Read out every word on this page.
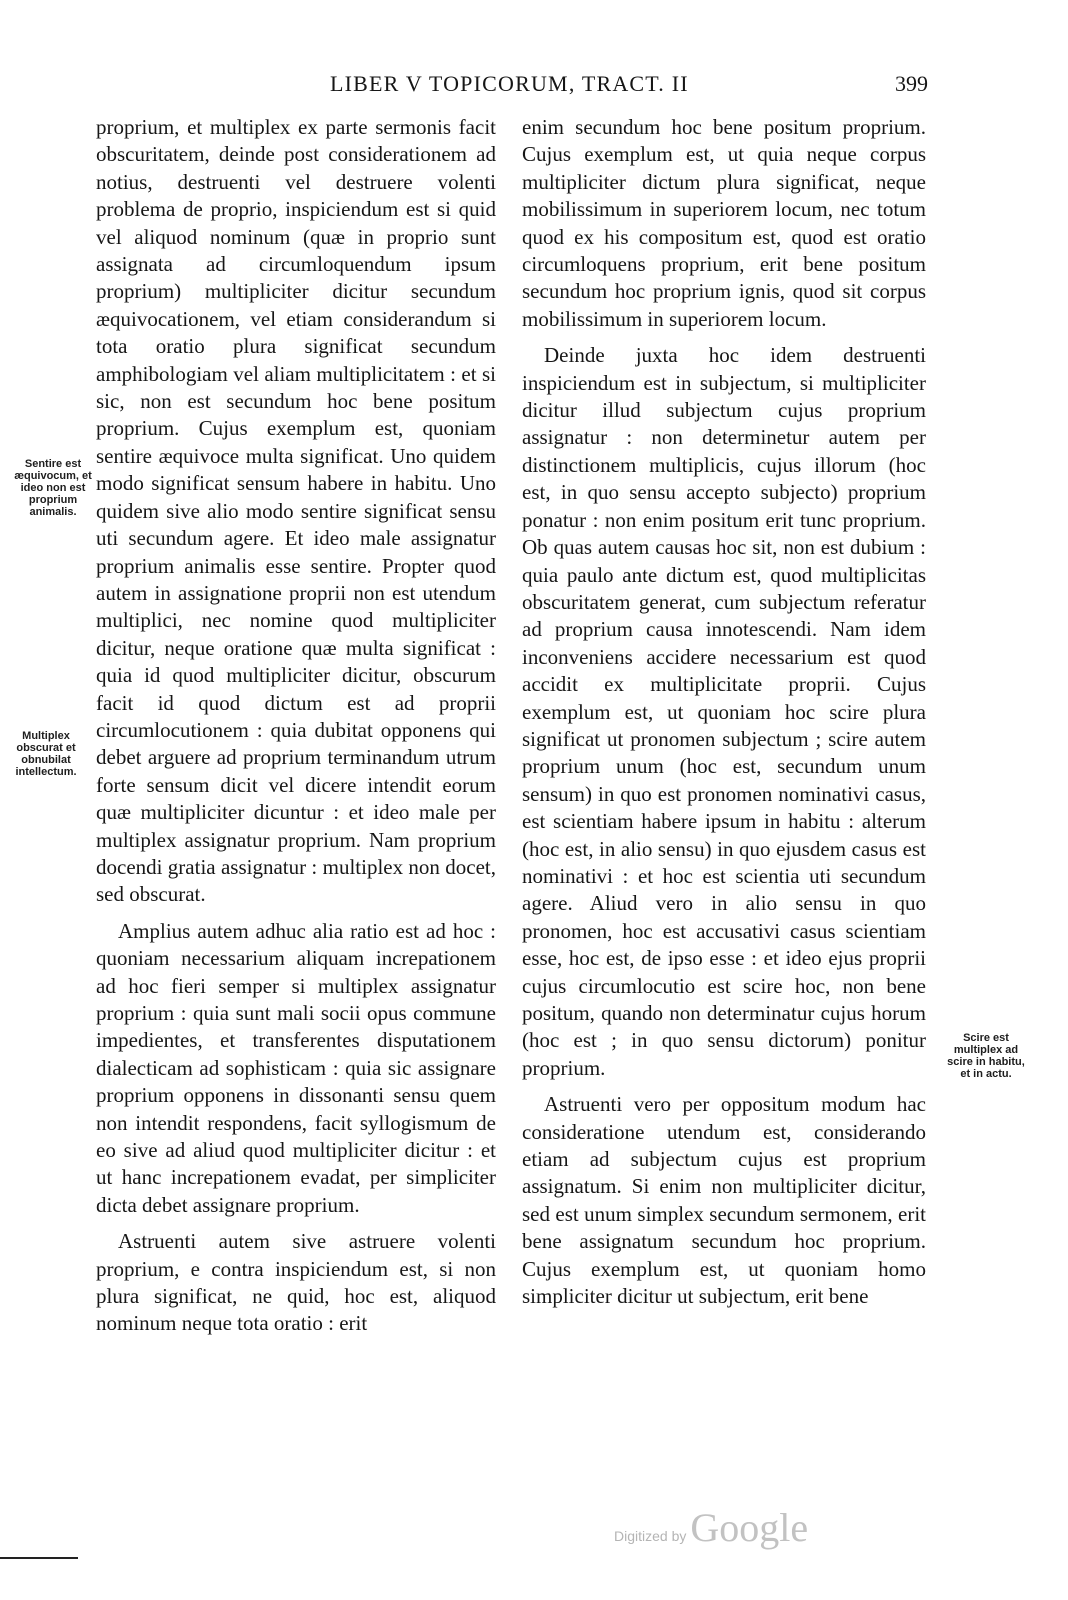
LIBER V TOPICORUM, TRACT. II	399

proprium, et multiplex ex parte sermonis facit obscuritatem, deinde post considerationem ad notius, destruenti vel destruere volenti problema de proprio, inspiciendum est si quid vel aliquod nominum (quæ in proprio sunt assignata ad circumloquendum ipsum proprium) multipliciter dicitur secundum æquivocationem, vel etiam considerandum si tota oratio plura significat secundum amphibologiam vel aliam multiplicitatem : et si sic, non est secundum hoc bene positum proprium. Cujus exemplum est, quoniam sentire æquivoce multa significat. Uno quidem modo significat sensum habere in habitu. Uno quidem sive alio modo sentire significat sensu uti secundum agere. Et ideo male assignatur proprium animalis esse sentire. Propter quod autem in assignatione proprii non est utendum multiplici, nec nomine quod multipliciter dicitur, neque oratione quæ multa significat : quia id quod multipliciter dicitur, obscurum facit id quod dictum est ad proprii circumlocutionem : quia dubitat opponens qui debet arguere ad proprium terminandum utrum forte sensum dicit vel dicere intendit eorum quæ multipliciter dicuntur : et ideo male per multiplex assignatur proprium. Nam proprium docendi gratia assignatur : multiplex non docet, sed obscurat.

Amplius autem adhuc alia ratio est ad hoc : quoniam necessarium aliquam increpationem ad hoc fieri semper si multiplex assignatur proprium : quia sunt mali socii opus commune impedientes, et transferentes disputationem dialecticam ad sophisticam : quia sic assignare proprium opponens in dissonanti sensu quem non intendit respondens, facit syllogismum de eo sive ad aliud quod multipliciter dicitur : et ut hanc increpationem evadat, per simpliciter dicta debet assignare proprium.

Astruenti autem sive astruere volenti proprium, e contra inspiciendum est, si non plura significat, ne quid, hoc est, aliquod nominum neque tota oratio : erit

enim secundum hoc bene positum proprium. Cujus exemplum est, ut quia neque corpus multipliciter dictum plura significat, neque mobilissimum in superiorem locum, nec totum quod ex his compositum est, quod est oratio circumloquens proprium, erit bene positum secundum hoc proprium ignis, quod sit corpus mobilissimum in superiorem locum.

Deinde juxta hoc idem destruenti inspiciendum est in subjectum, si multipliciter dicitur illud subjectum cujus proprium assignatur : non determinetur autem per distinctionem multiplicis, cujus illorum (hoc est, in quo sensu accepto subjecto) proprium ponatur : non enim positum erit tunc proprium. Ob quas autem causas hoc sit, non est dubium : quia paulo ante dictum est, quod multiplicitas obscuritatem generat, cum subjectum referatur ad proprium causa innotescendi. Nam idem inconveniens accidere necessarium est quod accidit ex multiplicitate proprii. Cujus exemplum est, ut quoniam hoc scire plura significat ut pronomen subjectum ; scire autem proprium unum (hoc est, secundum unum sensum) in quo est pronomen nominativi casus, est scientiam habere ipsum in habitu : alterum (hoc est, in alio sensu) in quo ejusdem casus est nominativi : et hoc est scientia uti secundum agere. Aliud vero in alio sensu in quo pronomen, hoc est accusativi casus scientiam esse, hoc est, de ipso esse : et ideo ejus proprii cujus circumlocutio est scire hoc, non bene positum, quando non determinatur cujus horum (hoc est ; in quo sensu dictorum) ponitur proprium.

Astruenti vero per oppositum modum hac consideratione utendum est, considerando etiam ad subjectum cujus est proprium assignatum. Si enim non multipliciter dicitur, sed est unum simplex secundum sermonem, erit bene assignatum secundum hoc proprium. Cujus exemplum est, ut quoniam homo simpliciter dicitur ut subjectum, erit bene

Sentire est æquivocum, et ideo non est proprium animalis.
Multiplex obscurat et obnubilat intellectum.
Scire est multiplex ad scire in habitu, et in actu.
Digitized by Google
